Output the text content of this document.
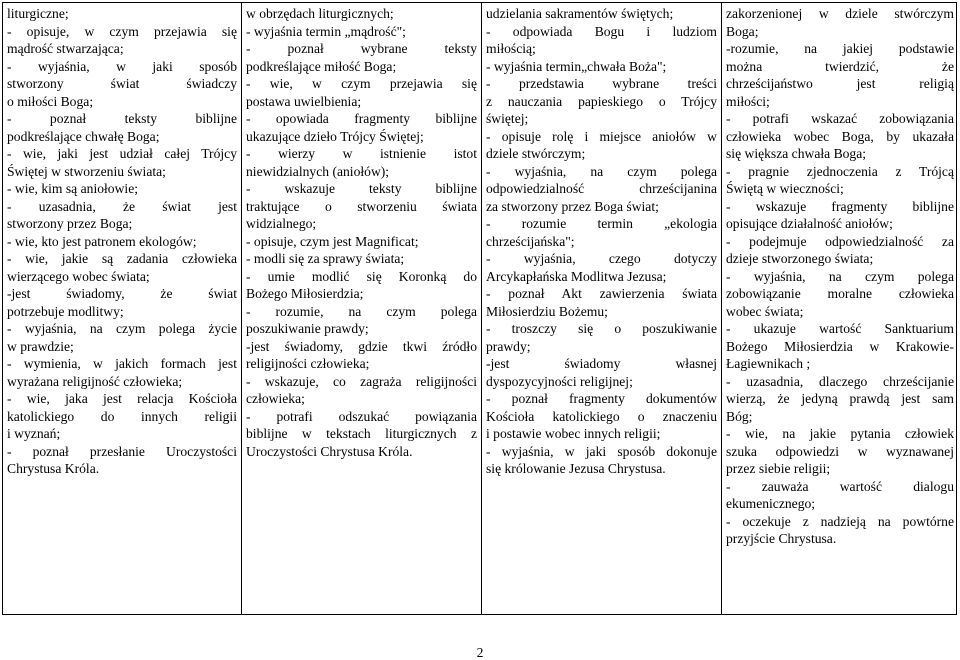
liturgiczne;
- opisuje, w czym przejawia się
mądrość stwarzająca;
- wyjaśnia, w jaki sposób
stworzony świat świadczy
o miłości Boga;
- poznał teksty biblijne
podkreślające chwałę Boga;
- wie, jaki jest udział całej Trójcy
Świętej w stworzeniu świata;
- wie, kim są aniołowie;
- uzasadnia, że świat jest
stworzony przez Boga;
- wie, kto jest patronem ekologów;
- wie, jakie są zadania człowieka
wierzącego wobec świata;
-jest świadomy, że świat
potrzebuje modlitwy;
- wyjaśnia, na czym polega życie
w prawdzie;
- wymienia, w jakich formach jest
wyrażana religijność człowieka;
- wie, jaka jest relacja Kościoła
katolickiego do innych religii
i wyznań;
- poznał przesłanie Uroczystości
Chrystusa Króla.
w obrzędach liturgicznych;
- wyjaśnia termin „mądrość";
- poznał wybrane teksty
podkreślające miłość Boga;
- wie, w czym przejawia się
postawa uwielbienia;
- opowiada fragmenty biblijne
ukazujące dzieło Trójcy Świętej;
- wierzy w istnienie istot
niewidzialnych (aniołów);
- wskazuje teksty biblijne
traktujące o stworzeniu świata
widzialnego;
- opisuje, czym jest Magnificat;
- modli się za sprawy świata;
- umie modlić się Koronką do
Bożego Miłosierdzia;
- rozumie, na czym polega
poszukiwanie prawdy;
-jest świadomy, gdzie tkwi źródło
religijności człowieka;
- wskazuje, co zagraża religijności
człowieka;
- potrafi odszukać powiązania
biblijne w tekstach liturgicznych z
Uroczystości Chrystusa Króla.
udzielania sakramentów świętych;
- odpowiada Bogu i ludziom
miłością;
- wyjaśnia termin„chwała Boża";
- przedstawia wybrane treści
z nauczania papieskiego o Trójcy
świętej;
- opisuje rolę i miejsce aniołów w
dziele stwórczym;
- wyjaśnia, na czym polega
odpowiedzialność chrześcijanina
za stworzony przez Boga świat;
- rozumie termin „ekologia
chrześcijańska";
- wyjaśnia, czego dotyczy
Arcykapłańska Modlitwa Jezusa;
- poznał Akt zawierzenia świata
Miłosierdziu Bożemu;
- troszczy się o poszukiwanie
prawdy;
-jest świadomy własnej
dyspozycyjności religijnej;
- poznał fragmenty dokumentów
Kościoła katolickiego o znaczeniu
i postawie wobec innych religii;
- wyjaśnia, w jaki sposób dokonuje
się królowanie Jezusa Chrystusa.
zakorzenionej w dziele stwórczym
Boga;
-rozumie, na jakiej podstawie
można twierdzić, że
chrześcijaństwo jest religią
miłości;
- potrafi wskazać zobowiązania
człowieka wobec Boga, by ukazała
się większa chwała Boga;
- pragnie zjednoczenia z Trójcą
Świętą w wieczności;
- wskazuje fragmenty biblijne
opisujące działalność aniołów;
- podejmuje odpowiedzialność za
dzieje stworzonego świata;
- wyjaśnia, na czym polega
zobowiązanie moralne człowieka
wobec świata;
- ukazuje wartość Sanktuarium
Bożego Miłosierdzia w Krakowie-
Łagiewnikach ;
- uzasadnia, dlaczego chrześcijanie
wierzą, że jedyną prawdą jest sam
Bóg;
- wie, na jakie pytania człowiek
szuka odpowiedzi w wyznawanej
przez siebie religii;
- zauważa wartość dialogu
ekumenicznego;
- oczekuje z nadzieją na powtórne
przyjście Chrystusa.
2
